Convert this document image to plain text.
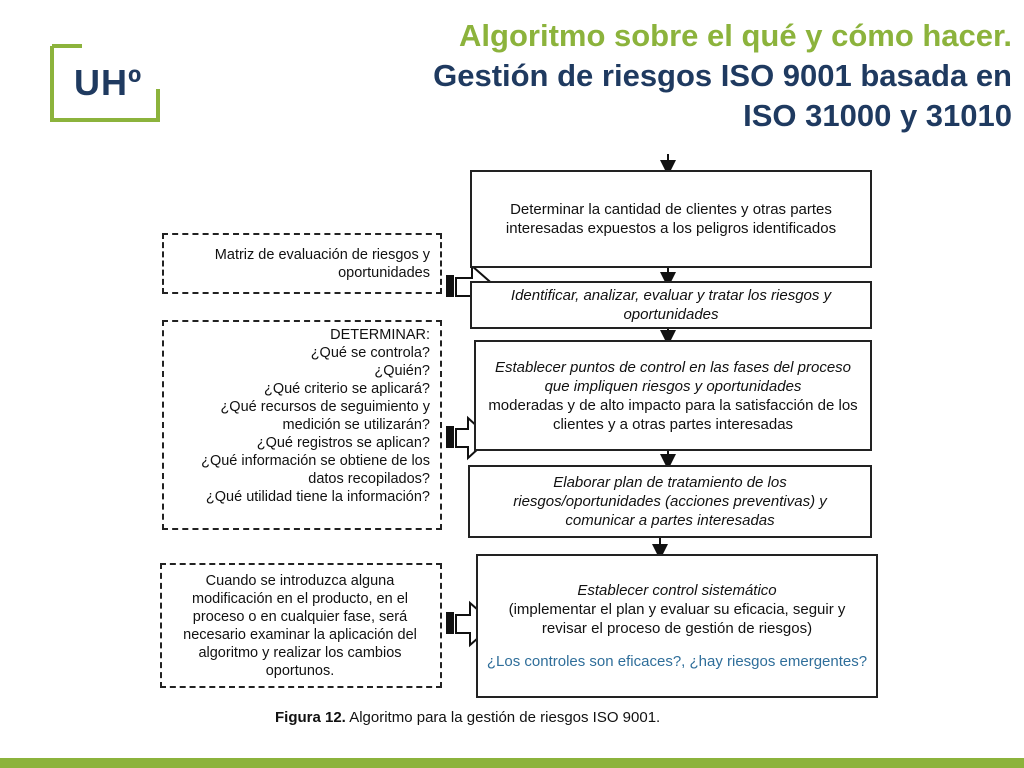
UHº
Algoritmo sobre el qué y cómo hacer.
Gestión de riesgos ISO 9001 basada en
ISO 31000 y 31010
Determinar la cantidad de clientes y otras partes interesadas expuestos a los peligros identificados
Identificar, analizar, evaluar y tratar los riesgos y oportunidades
Establecer puntos de control en las fases del proceso que impliquen riesgos y oportunidades
moderadas y de alto impacto para la satisfacción de los clientes y a otras partes interesadas
Elaborar plan de tratamiento de los riesgos/oportunidades (acciones preventivas) y comunicar a partes interesadas
Establecer control sistemático
(implementar el plan y evaluar su eficacia, seguir y revisar el proceso de gestión de riesgos)
¿Los controles son eficaces?, ¿hay riesgos emergentes?
Matriz de evaluación de riesgos y oportunidades
DETERMINAR:
¿Qué se controla?
¿Quién?
¿Qué criterio se aplicará?
¿Qué recursos de seguimiento y medición se utilizarán?
¿Qué registros se aplican?
¿Qué información se obtiene de los datos recopilados?
¿Qué utilidad tiene la información?
Cuando se introduzca alguna modificación en el producto, en el proceso o en cualquier fase, será necesario examinar la aplicación del algoritmo y realizar los cambios oportunos.
Figura 12. Algoritmo para la gestión de riesgos ISO 9001.
